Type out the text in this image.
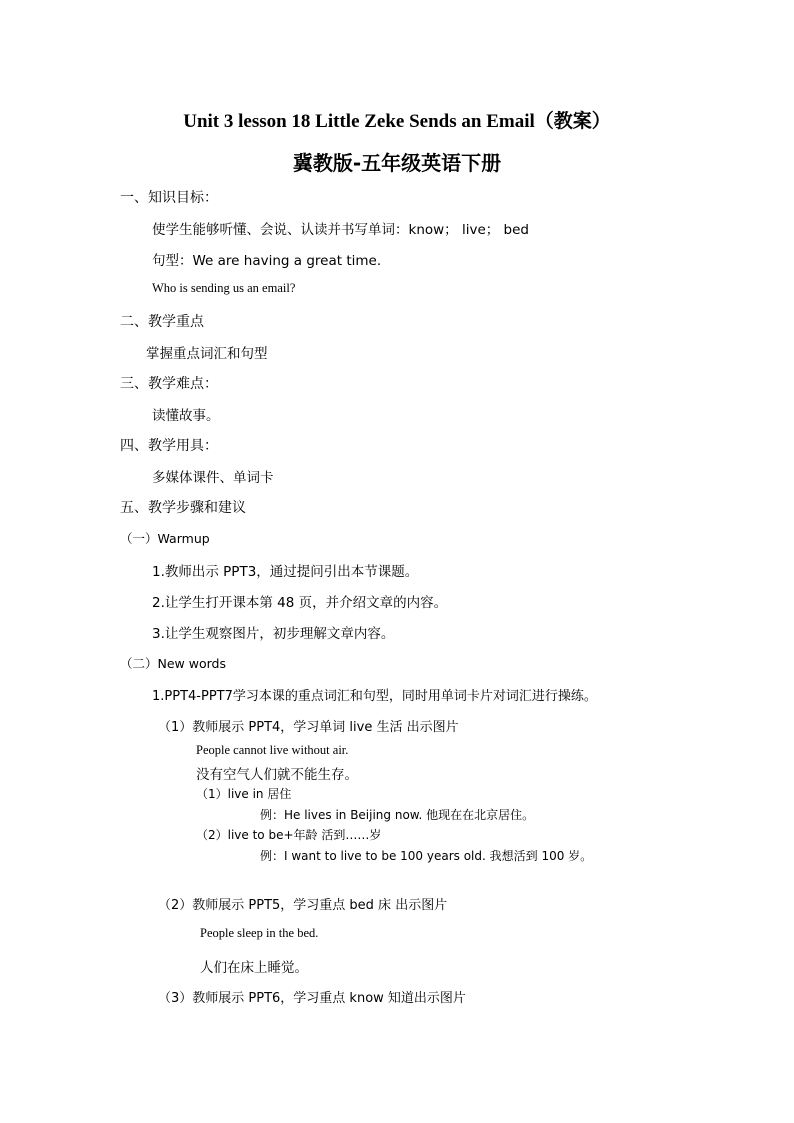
Unit 3 lesson 18 Little Zeke Sends an Email（教案）
冀教版-五年级英语下册

一、知识目标：

使学生能够听懂、会说、认读并书写单词：know； live； bed

句型：We are having a great time.

Who is sending us an email?

二、教学重点

掌握重点词汇和句型

三、教学难点：

读懂故事。

四、教学用具：

多媒体课件、单词卡

五、教学步骤和建议

（一）Warmup

1.教师出示 PPT3，通过提问引出本节课题。

2.让学生打开课本第 48 页，并介绍文章的内容。

3.让学生观察图片，初步理解文章内容。

（二）New words

1.PPT4-PPT7学习本课的重点词汇和句型，同时用单词卡片对词汇进行操练。

（1）教师展示 PPT4，学习单词 live 生活 出示图片

People cannot live without air.

没有空气人们就不能生存。

（1）live in 居住

例：He lives in Beijing now. 他现在在北京居住。

（2）live to be+年龄 活到……岁

例：I want to live to be 100 years old. 我想活到 100 岁。

（2）教师展示 PPT5，学习重点 bed 床 出示图片

People sleep in the bed.

人们在床上睡觉。

（3）教师展示 PPT6，学习重点 know 知道出示图片
